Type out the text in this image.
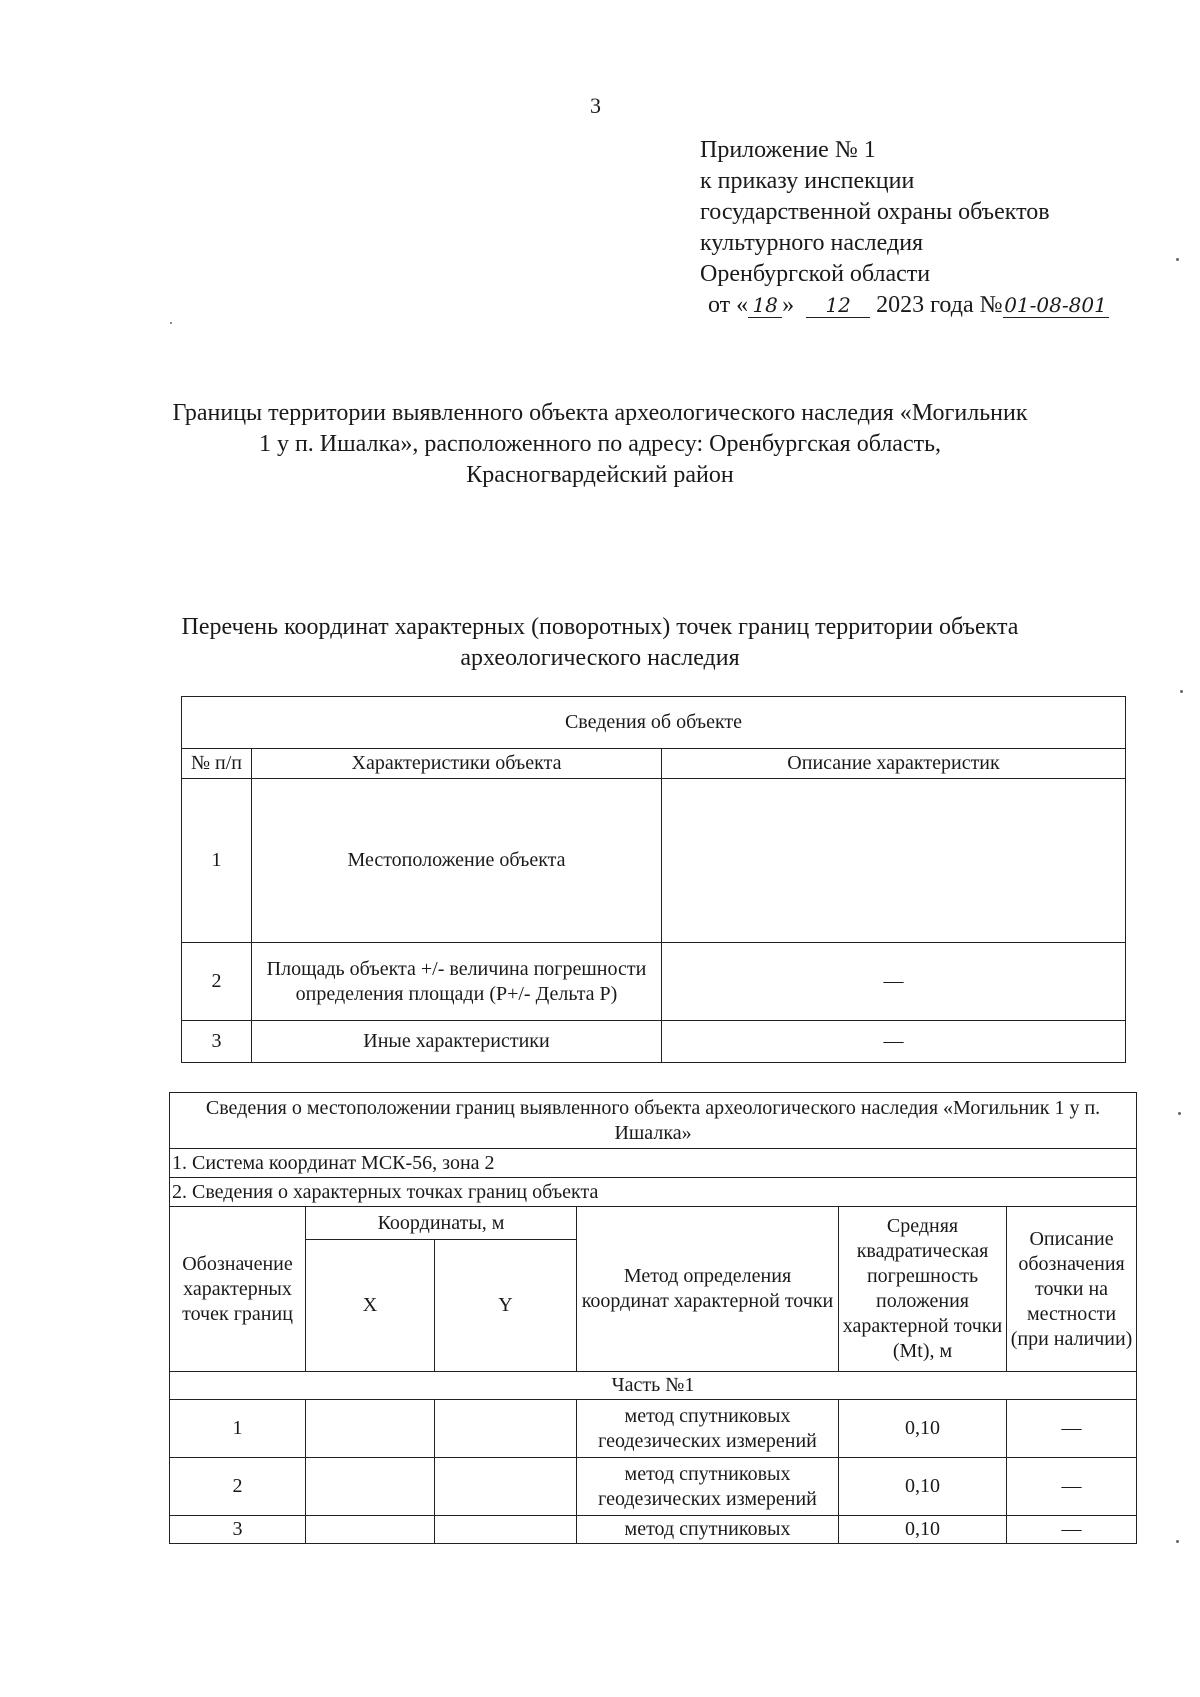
3
Приложение № 1
к приказу инспекции
государственной охраны объектов
культурного наследия
Оренбургской области
от « 18 » 12 2023 года №01-08-801
Границы территории выявленного объекта археологического наследия «Могильник 1 у п. Ишалка», расположенного по адресу: Оренбургская область, Красногвардейский район
Перечень координат характерных (поворотных) точек границ территории объекта археологического наследия
Сведения об объекте		
№ п/п	Характеристики объекта	Описание характеристик
1	Местоположение объекта	
2	Площадь объекта +/- величина погрешности определения площади (P+/- Дельта P)	—
3	Иные характеристики	—
Сведения о местоположении границ выявленного объекта археологического наследия «Могильник 1 у п. Ишалка»					
1. Система координат МСК-56, зона 2					
2. Сведения о характерных точках границ объекта					
Обозначение характерных точек границ	Координаты, м		Метод определения координат характерной точки	Средняя квадратическая погрешность положения характерной точки (Mt), м	Описание обозначения точки на местности (при наличии)
	X	Y			
Часть №1					
1			метод спутниковых геодезических измерений	0,10	—
2			метод спутниковых геодезических измерений	0,10	—
3			метод спутниковых	0,10	—
